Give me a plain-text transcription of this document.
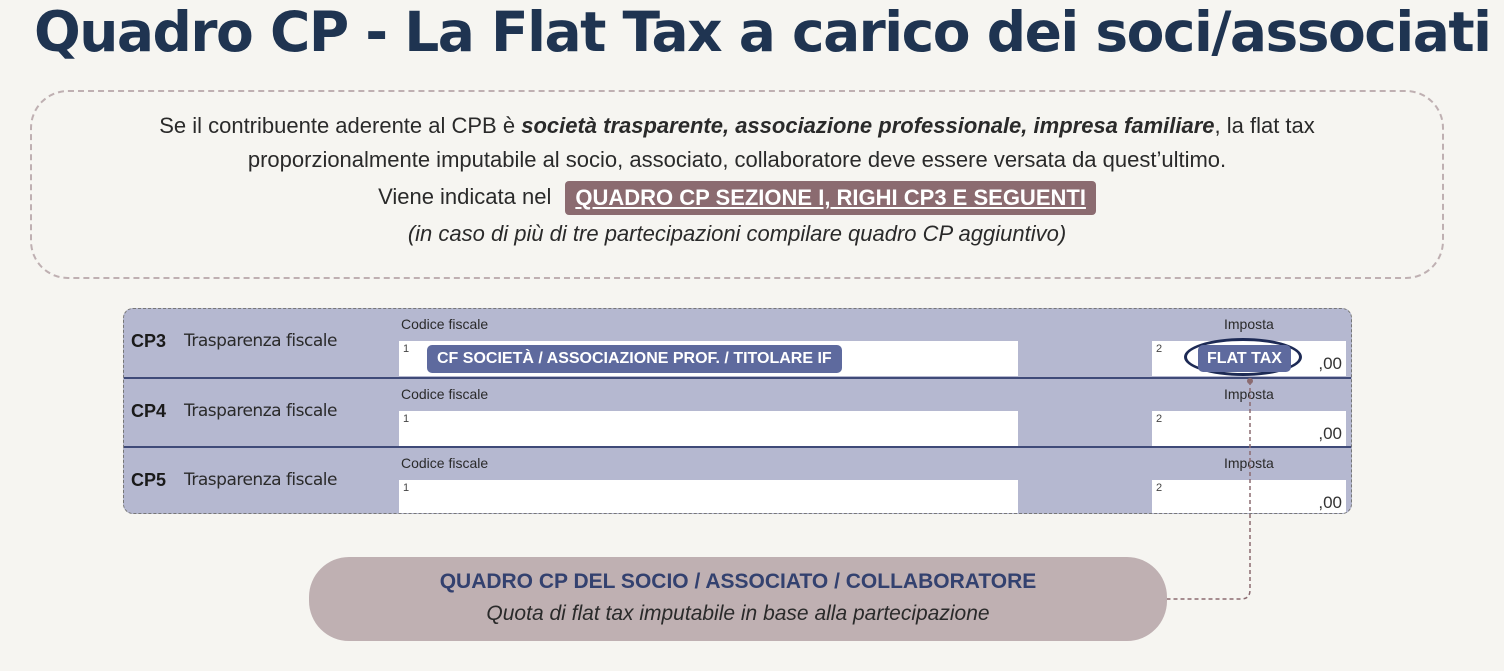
Quadro CP - La Flat Tax a carico dei soci/associati
Se il contribuente aderente al CPB è società trasparente, associazione professionale, impresa familiare, la flat tax
proporzionalmente imputabile al socio, associato, collaboratore deve essere versata da quest’ultimo.
Viene indicata nel QUADRO CP SEZIONE I, RIGHI CP3 E SEGUENTI
(in caso di più di tre partecipazioni compilare quadro CP aggiuntivo)
CP3 Trasparenza fiscale
Codice fiscale
1
CF SOCIETÀ / ASSOCIAZIONE PROF. / TITOLARE IF
Imposta
2
,00
FLAT TAX
CP4 Trasparenza fiscale
Codice fiscale
1
Imposta
2
,00
CP5 Trasparenza fiscale
Codice fiscale
1
Imposta
2
,00
QUADRO CP DEL SOCIO / ASSOCIATO / COLLABORATORE
Quota di flat tax imputabile in base alla partecipazione
